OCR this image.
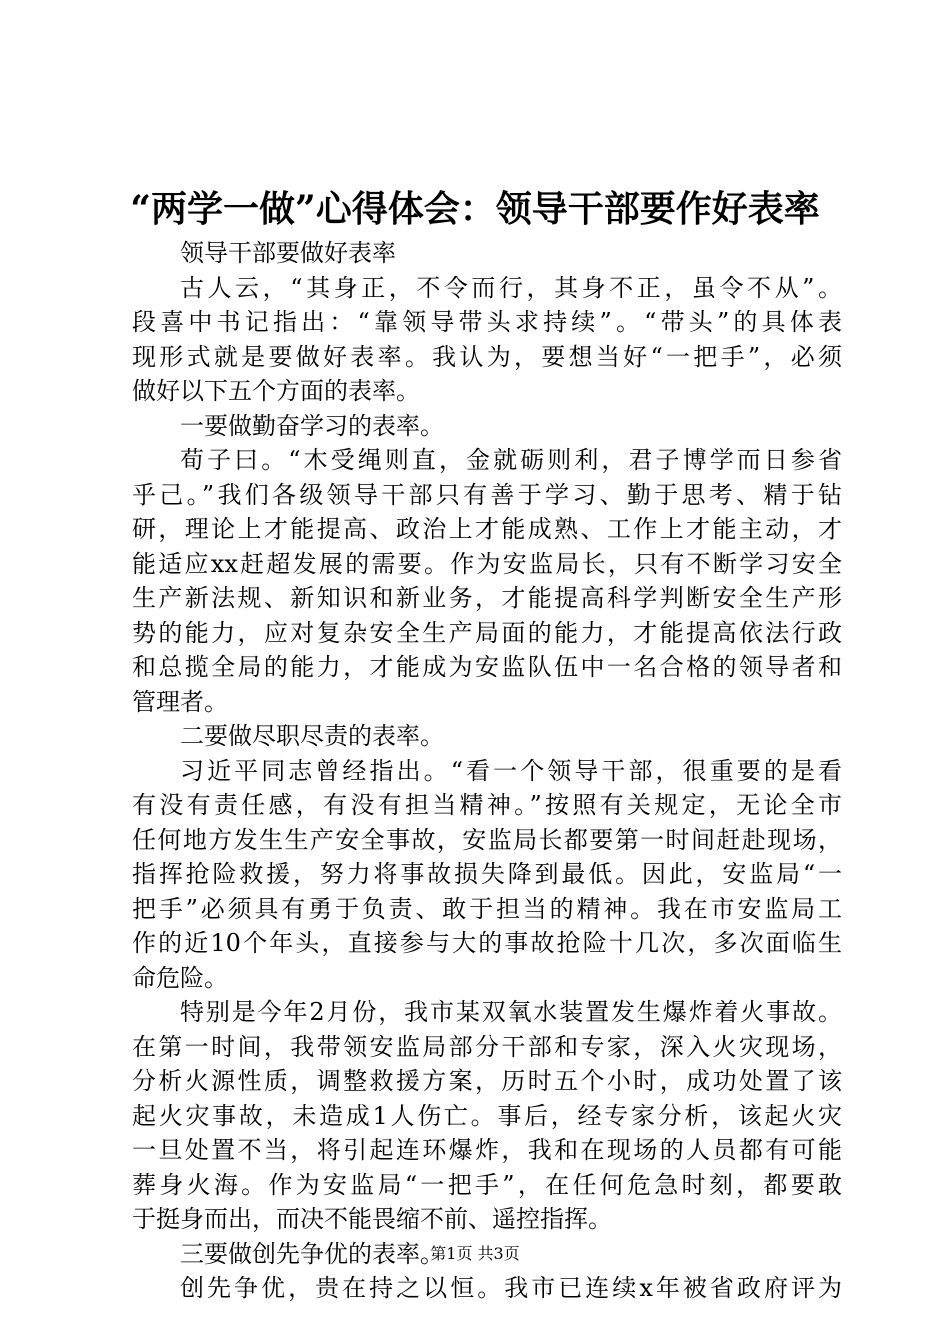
“两学一做”心得体会：领导干部要作好表率
领导干部要做好表率
古人云，“其身正，不令而行，其身不正，虽令不从”。
段喜中书记指出：“靠领导带头求持续”。“带头”的具体表
现形式就是要做好表率。我认为，要想当好“一把手”，必须
做好以下五个方面的表率。
一要做勤奋学习的表率。
荀子曰。“木受绳则直，金就砺则利，君子博学而日参省
乎己。”我们各级领导干部只有善于学习、勤于思考、精于钻
研，理论上才能提高、政治上才能成熟、工作上才能主动，才
能适应xx赶超发展的需要。作为安监局长，只有不断学习安全
生产新法规、新知识和新业务，才能提高科学判断安全生产形
势的能力，应对复杂安全生产局面的能力，才能提高依法行政
和总揽全局的能力，才能成为安监队伍中一名合格的领导者和
管理者。
二要做尽职尽责的表率。
习近平同志曾经指出。“看一个领导干部，很重要的是看
有没有责任感，有没有担当精神。”按照有关规定，无论全市
任何地方发生生产安全事故，安监局长都要第一时间赶赴现场，
指挥抢险救援，努力将事故损失降到最低。因此，安监局“一
把手”必须具有勇于负责、敢于担当的精神。我在市安监局工
作的近10个年头，直接参与大的事故抢险十几次，多次面临生
命危险。
特别是今年2月份，我市某双氧水装置发生爆炸着火事故。
在第一时间，我带领安监局部分干部和专家，深入火灾现场，
分析火源性质，调整救援方案，历时五个小时，成功处置了该
起火灾事故，未造成1人伤亡。事后，经专家分析，该起火灾
一旦处置不当，将引起连环爆炸，我和在现场的人员都有可能
葬身火海。作为安监局“一把手”，在任何危急时刻，都要敢
于挺身而出，而决不能畏缩不前、遥控指挥。
三要做创先争优的表率。
创先争优，贵在持之以恒。我市已连续x年被省政府评为
第1页 共3页
